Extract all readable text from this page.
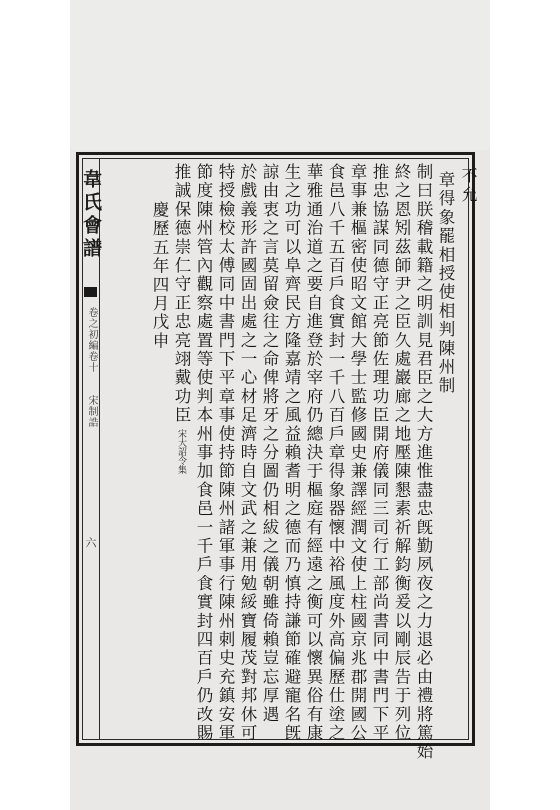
不允
章得象罷相授使相判陳州制
制曰朕稽載籍之明訓見君臣之大方進惟盡忠旣勤夙夜之力退必由禮將篤始
終之恩矧茲師尹之臣久處巖廊之地壓陳懇素祈解鈞衡爰以剛辰告于列位
推忠協謀同德守正亮節佐理功臣開府儀同三司行工部尚書同中書門下平
章事兼樞密使昭文館大學士監修國史兼譯經潤文使上柱國京兆郡開國公
食邑八千五百戶食實封一千八百戶章得象器懷中裕風度外高偏歷仕塗之
華雅通治道之要自進登於宰府仍總決于樞庭有經遠之衡可以懷異俗有康
生之功可以阜齊民方隆嘉靖之風益賴耆明之德而乃慎持謙節確避寵名旣
諒由衷之言莫留僉往之命俾將牙之分圖仍相紱之儀朝雖倚賴豈忘厚遇
於戲義形許國固出處之一心材足濟時自文武之兼用勉綏寶履茂對邦休可
特授檢校太傅同中書門下平章事使持節陳州諸軍事行陳州刺史充鎮安軍
節度陳州管內觀察處置等使判本州事加食邑一千戶食實封四百戶仍改賜
推誠保德崇仁守正忠亮翊戴功臣宋大詔令集
慶歷五年四月戊申
韋氏會譜
卷之初編卷十
宋制誥
六
